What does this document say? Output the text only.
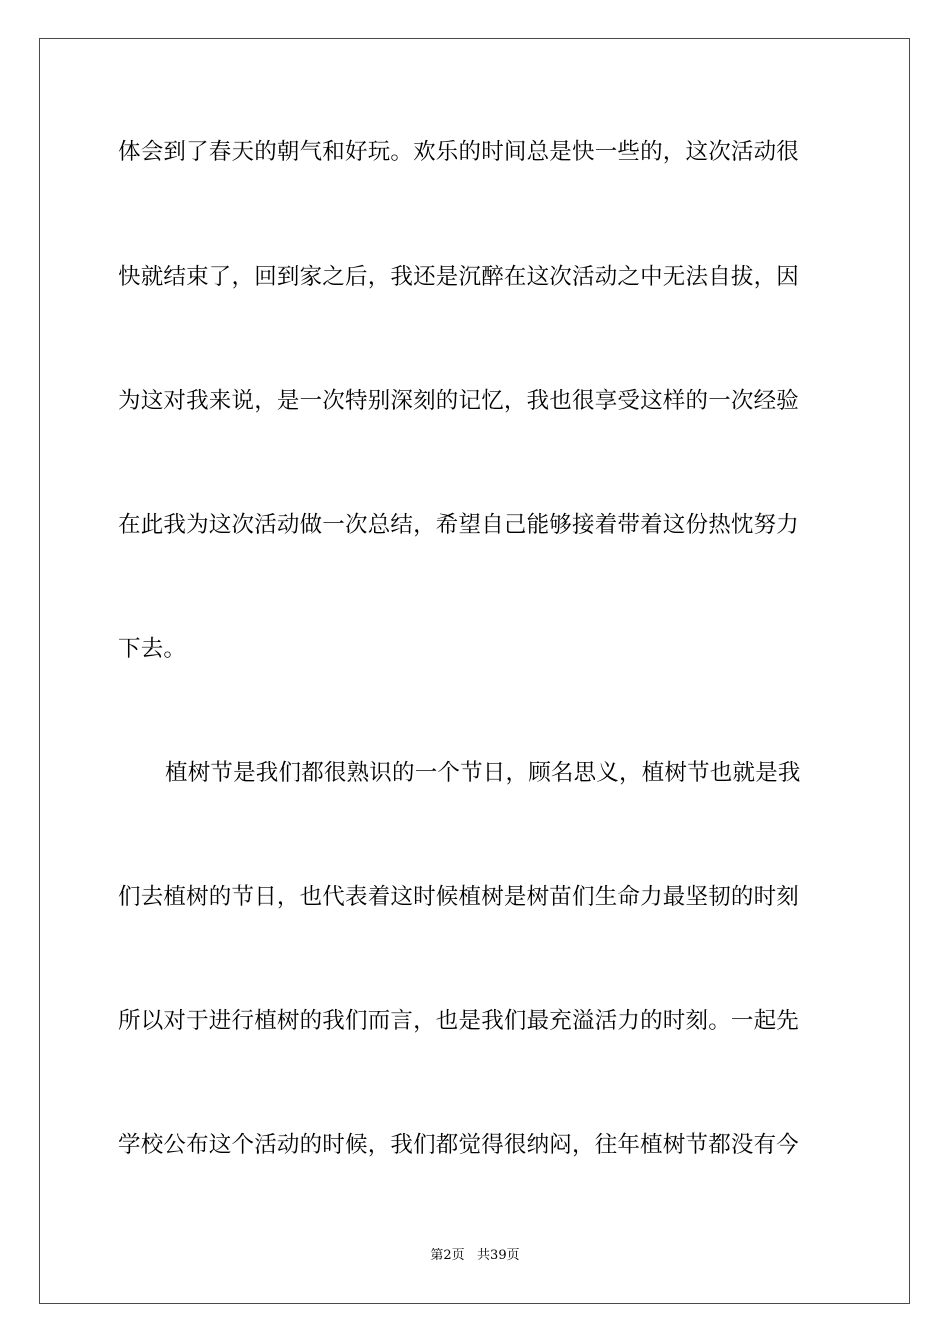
体会到了春天的朝气和好玩。欢乐的时间总是快一些的，这次活动很
快就结束了，回到家之后，我还是沉醉在这次活动之中无法自拔，因
为这对我来说，是一次特别深刻的记忆，我也很享受这样的一次经验
在此我为这次活动做一次总结，希望自己能够接着带着这份热忱努力
下去。
植树节是我们都很熟识的一个节日，顾名思义，植树节也就是我
们去植树的节日，也代表着这时候植树是树苗们生命力最坚韧的时刻
所以对于进行植树的我们而言，也是我们最充溢活力的时刻。一起先
学校公布这个活动的时候，我们都觉得很纳闷，往年植树节都没有今
第2页   共39页
